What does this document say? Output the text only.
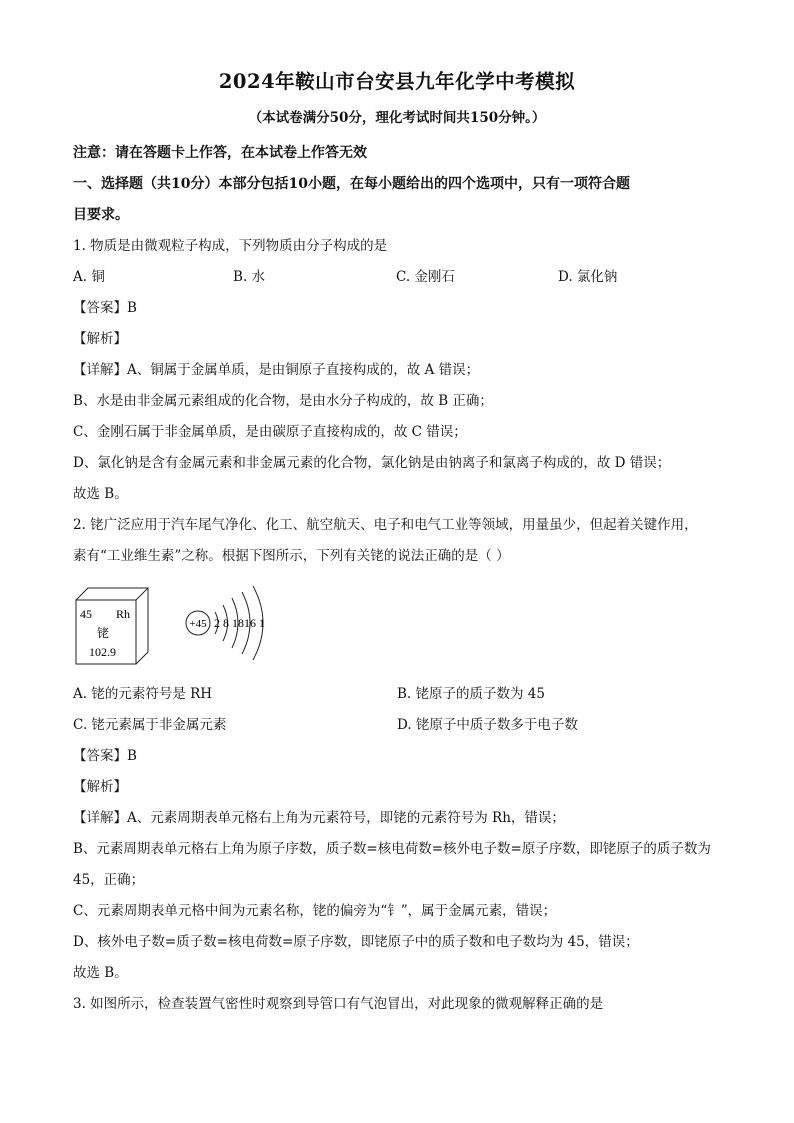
2024年鞍山市台安县九年化学中考模拟
（本试卷满分50分，理化考试时间共150分钟。）
注意：请在答题卡上作答，在本试卷上作答无效
一、选择题（共10分）本部分包括10小题，在每小题给出的四个选项中，只有一项符合题
目要求。
1. 物质是由微观粒子构成，下列物质由分子构成的是
A. 铜	B. 水	C. 金刚石	D. 氯化钠
【答案】B
【解析】
【详解】A、铜属于金属单质，是由铜原子直接构成的，故 A 错误；
B、水是由非金属元素组成的化合物，是由水分子构成的，故 B 正确；
C、金刚石属于非金属单质，是由碳原子直接构成的，故 C 错误；
D、氯化钠是含有金属元素和非金属元素的化合物，氯化钠是由钠离子和氯离子构成的，故 D 错误；
故选 B。
2. 铑广泛应用于汽车尾气净化、化工、航空航天、电子和电气工业等领域，用量虽少，但起着关键作用，
素有“工业维生素”之称。根据下图所示，下列有关铑的说法正确的是（ ）
45 Rh
铑
102.9
+45 2 8 1816 1
A. 铑的元素符号是 RH	B. 铑原子的质子数为 45
C. 铑元素属于非金属元素	D. 铑原子中质子数多于电子数
【答案】B
【解析】
【详解】A、元素周期表单元格右上角为元素符号，即铑的元素符号为 Rh，错误；
B、元素周期表单元格右上角为原子序数，质子数=核电荷数=核外电子数=原子序数，即铑原子的质子数为
45，正确；
C、元素周期表单元格中间为元素名称，铑的偏旁为“钅”，属于金属元素，错误；
D、核外电子数=质子数=核电荷数=原子序数，即铑原子中的质子数和电子数均为 45，错误；
故选 B。
3. 如图所示，检查装置气密性时观察到导管口有气泡冒出，对此现象的微观解释正确的是
